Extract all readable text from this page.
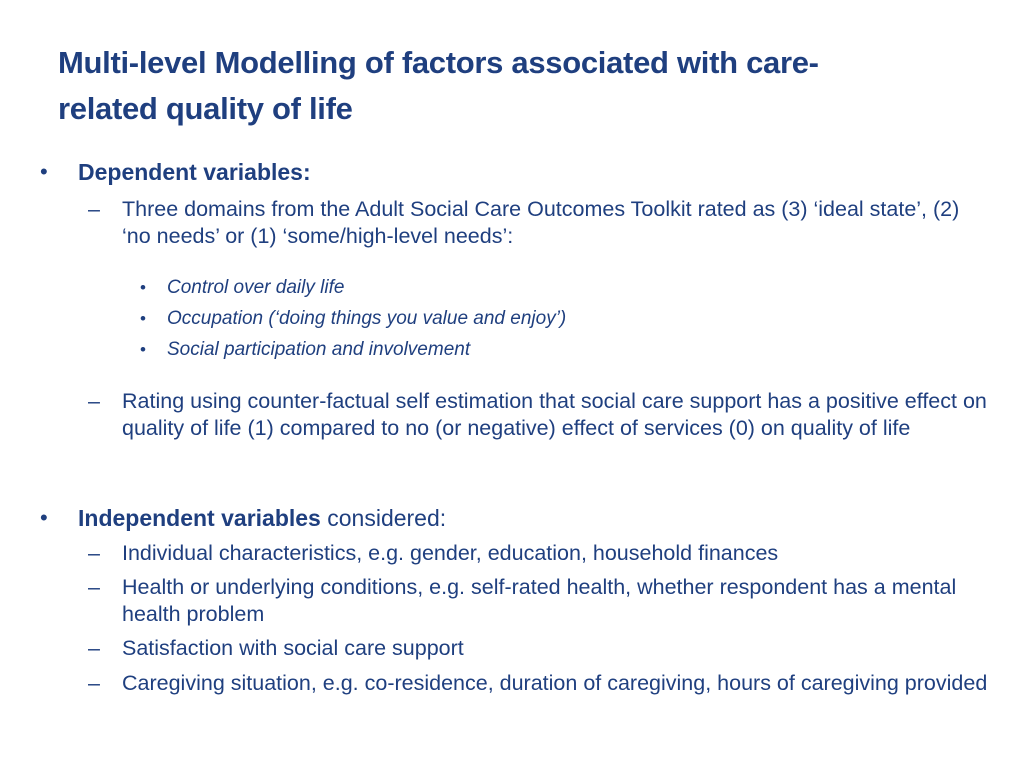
Multi-level Modelling of factors associated with care-
related quality of life
• Dependent variables:
– Three domains from the Adult Social Care Outcomes Toolkit rated as (3) ‘ideal state’, (2) ‘no needs’ or (1) ‘some/high-level needs’:
• Control over daily life
• Occupation (‘doing things you value and enjoy’)
• Social participation and involvement
– Rating using counter-factual self estimation that social care support has a positive effect on quality of life (1) compared to no (or negative) effect of services (0) on quality of life
• Independent variables considered:
– Individual characteristics, e.g. gender, education, household finances
– Health or underlying conditions, e.g. self-rated health, whether respondent has a mental health problem
– Satisfaction with social care support
– Caregiving situation, e.g. co-residence, duration of caregiving, hours of caregiving provided
